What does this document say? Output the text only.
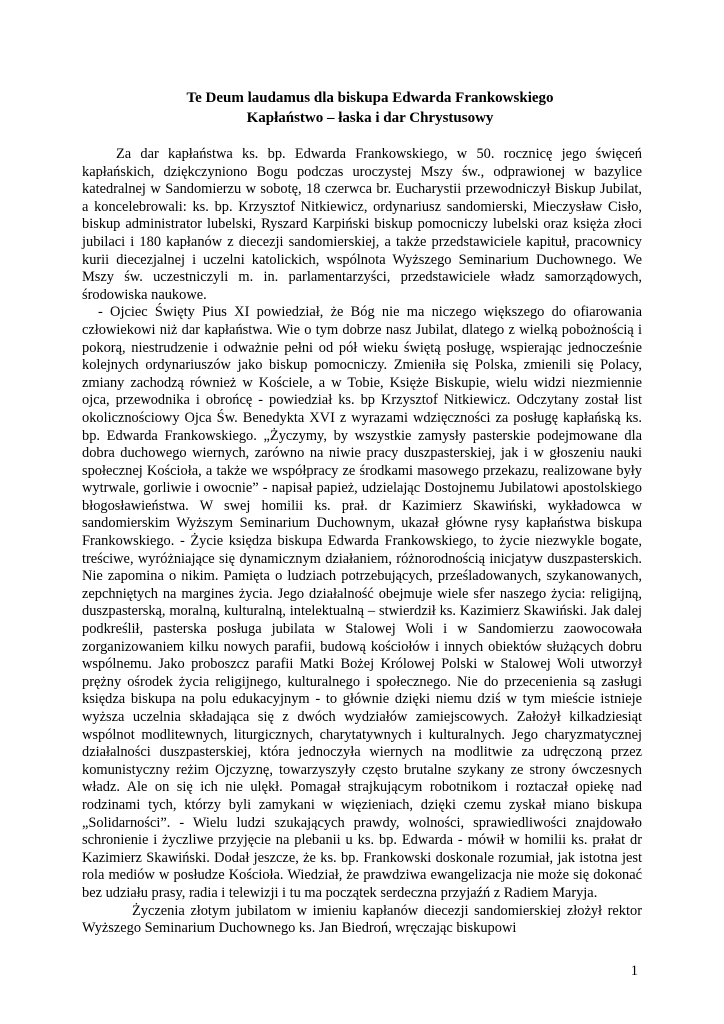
Te Deum laudamus dla biskupa Edwarda Frankowskiego
Kapłaństwo – łaska i dar Chrystusowy

Za dar kapłaństwa ks. bp. Edwarda Frankowskiego, w 50. rocznicę jego święceń kapłańskich, dziękczyniono Bogu podczas uroczystej Mszy św., odprawionej w bazylice katedralnej w Sandomierzu w sobotę, 18 czerwca br. Eucharystii przewodniczył Biskup Jubilat, a koncelebrowali: ks. bp. Krzysztof Nitkiewicz, ordynariusz sandomierski, Mieczysław Cisło, biskup administrator lubelski, Ryszard Karpiński biskup pomocniczy lubelski oraz księża złoci jubilaci i 180 kapłanów z diecezji sandomierskiej, a także przedstawiciele kapituł, pracownicy kurii diecezjalnej i uczelni katolickich, wspólnota Wyższego Seminarium Duchownego. We Mszy św. uczestniczyli m. in. parlamentarzyści, przedstawiciele władz samorządowych, środowiska naukowe.

- Ojciec Święty Pius XI powiedział, że Bóg nie ma niczego większego do ofiarowania człowiekowi niż dar kapłaństwa. Wie o tym dobrze nasz Jubilat, dlatego z wielką pobożnością i pokorą, niestrudzenie i odważnie pełni od pół wieku świętą posługę, wspierając jednocześnie kolejnych ordynariuszów jako biskup pomocniczy. Zmieniła się Polska, zmienili się Polacy, zmiany zachodzą również w Kościele, a w Tobie, Księże Biskupie, wielu widzi niezmiennie ojca, przewodnika i obrońcę - powiedział ks. bp Krzysztof Nitkiewicz. Odczytany został list okolicznościowy Ojca Św. Benedykta XVI z wyrazami wdzięczności za posługę kapłańską ks. bp. Edwarda Frankowskiego. „Życzymy, by wszystkie zamysły pasterskie podejmowane dla dobra duchowego wiernych, zarówno na niwie pracy duszpasterskiej, jak i w głoszeniu nauki społecznej Kościoła, a także we współpracy ze środkami masowego przekazu, realizowane były wytrwale, gorliwie i owocnie” - napisał papież, udzielając Dostojnemu Jubilatowi apostolskiego błogosławieństwa. W swej homilii ks. prał. dr Kazimierz Skawiński, wykładowca w sandomierskim Wyższym Seminarium Duchownym, ukazał główne rysy kapłaństwa biskupa Frankowskiego. - Życie księdza biskupa Edwarda Frankowskiego, to życie niezwykle bogate, treściwe, wyróżniające się dynamicznym działaniem, różnorodnością inicjatyw duszpasterskich. Nie zapomina o nikim. Pamięta o ludziach potrzebujących, prześladowanych, szykanowanych, zepchniętych na margines życia. Jego działalność obejmuje wiele sfer naszego życia: religijną, duszpasterską, moralną, kulturalną, intelektualną – stwierdził ks. Kazimierz Skawiński. Jak dalej podkreślił, pasterska posługa jubilata w Stalowej Woli i w Sandomierzu zaowocowała zorganizowaniem kilku nowych parafii, budową kościołów i innych obiektów służących dobru wspólnemu. Jako proboszcz parafii Matki Bożej Królowej Polski w Stalowej Woli utworzył prężny ośrodek życia religijnego, kulturalnego i społecznego. Nie do przecenienia są zasługi księdza biskupa na polu edukacyjnym - to głównie dzięki niemu dziś w tym mieście istnieje wyższa uczelnia składająca się z dwóch wydziałów zamiejscowych. Założył kilkadziesiąt wspólnot modlitewnych, liturgicznych, charytatywnych i kulturalnych. Jego charyzmatycznej działalności duszpasterskiej, która jednoczyła wiernych na modlitwie za udręczoną przez komunistyczny reżim Ojczyznę, towarzyszyły często brutalne szykany ze strony ówczesnych władz. Ale on się ich nie ulękł. Pomagał strajkującym robotnikom i roztaczał opiekę nad rodzinami tych, którzy byli zamykani w więzieniach, dzięki czemu zyskał miano biskupa „Solidarności”. - Wielu ludzi szukających prawdy, wolności, sprawiedliwości znajdowało schronienie i życzliwe przyjęcie na plebanii u ks. bp. Edwarda - mówił w homilii ks. prałat dr Kazimierz Skawiński. Dodał jeszcze, że ks. bp. Frankowski doskonale rozumiał, jak istotna jest rola mediów w posłudze Kościoła. Wiedział, że prawdziwa ewangelizacja nie może się dokonać bez udziału prasy, radia i telewizji i tu ma początek serdeczna przyjaźń z Radiem Maryja.

Życzenia złotym jubilatom w imieniu kapłanów diecezji sandomierskiej złożył rektor Wyższego Seminarium Duchownego ks. Jan Biedroń, wręczając biskupowi

1
